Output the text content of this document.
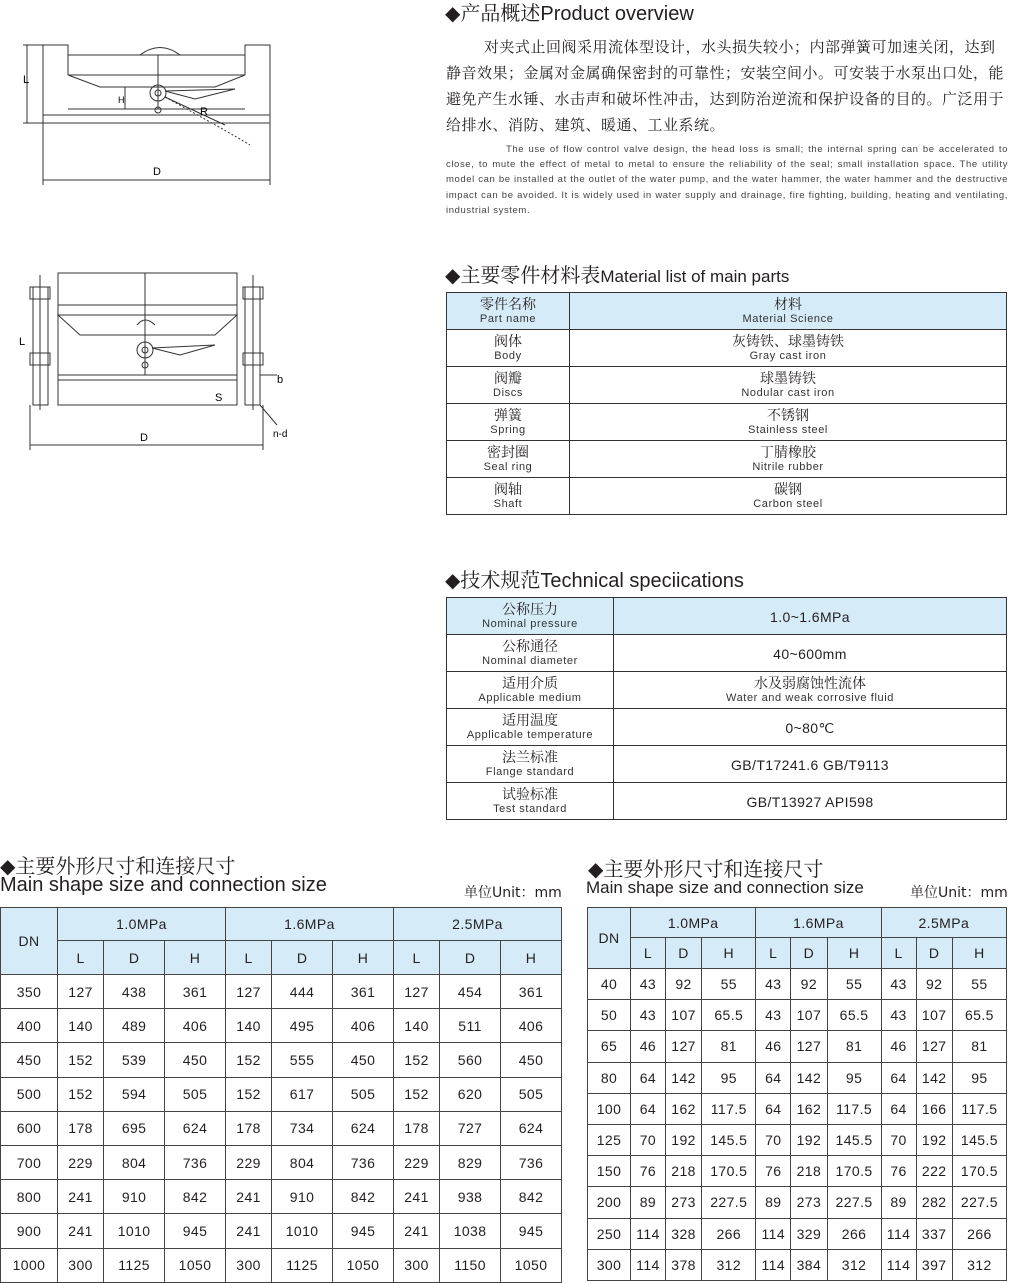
L
H
R
D
L
S
D
b
n-d
◆产品概述Product overview
对夹式止回阀采用流体型设计，水头损失较小；内部弹簧可加速关闭，达到静音效果；金属对金属确保密封的可靠性；安装空间小。可安装于水泵出口处，能避免产生水锤、水击声和破坏性冲击，达到防治逆流和保护设备的目的。广泛用于给排水、消防、建筑、暖通、工业系统。
The use of flow control valve design, the head loss is small; the internal spring can be accelerated to close, to mute the effect of metal to metal to ensure the reliability of the seal; small installation space. The utility model can be installed at the outlet of the water pump, and the water hammer, the water hammer and the destructive impact can be avoided. It is widely used in water supply and drainage, fire fighting, building, heating and ventilating, industrial system.
◆主要零件材料表Material list of main parts
零件名称
Part name	材料
Material Science

阀体
Body	灰铸铁、球墨铸铁
Gray cast iron

阀瓣
Discs	球墨铸铁
Nodular cast iron

弹簧
Spring	不锈钢
Stainless steel

密封圈
Seal ring	丁腈橡胶
Nitrile rubber

阀轴
Shaft	碳钢
Carbon steel
◆技术规范Technical speciications
公称压力
Nominal pressure	1.0~1.6MPa

公称通径
Nominal diameter	40~600mm

适用介质
Applicable medium	水及弱腐蚀性流体
Water and weak corrosive fluid

适用温度
Applicable temperature	0~80℃

法兰标准
Flange standard	GB/T17241.6 GB/T9113

试验标准
Test standard	GB/T13927 API598
◆主要外形尺寸和连接尺寸
Main shape size and connection size	单位Unit：mm
DN	1.0MPa			1.6MPa			2.5MPa		
	L	D	H	L	D	H	L	D	H
350	127	438	361	127	444	361	127	454	361
400	140	489	406	140	495	406	140	511	406
450	152	539	450	152	555	450	152	560	450
500	152	594	505	152	617	505	152	620	505
600	178	695	624	178	734	624	178	727	624
700	229	804	736	229	804	736	229	829	736
800	241	910	842	241	910	842	241	938	842
900	241	1010	945	241	1010	945	241	1038	945
1000	300	1125	1050	300	1125	1050	300	1150	1050
◆主要外形尺寸和连接尺寸
Main shape size and connection size	单位Unit：mm
DN	1.0MPa			1.6MPa			2.5MPa		
	L	D	H	L	D	H	L	D	H
40	43	92	55	43	92	55	43	92	55
50	43	107	65.5	43	107	65.5	43	107	65.5
65	46	127	81	46	127	81	46	127	81
80	64	142	95	64	142	95	64	142	95
100	64	162	117.5	64	162	117.5	64	166	117.5
125	70	192	145.5	70	192	145.5	70	192	145.5
150	76	218	170.5	76	218	170.5	76	222	170.5
200	89	273	227.5	89	273	227.5	89	282	227.5
250	114	328	266	114	329	266	114	337	266
300	114	378	312	114	384	312	114	397	312
